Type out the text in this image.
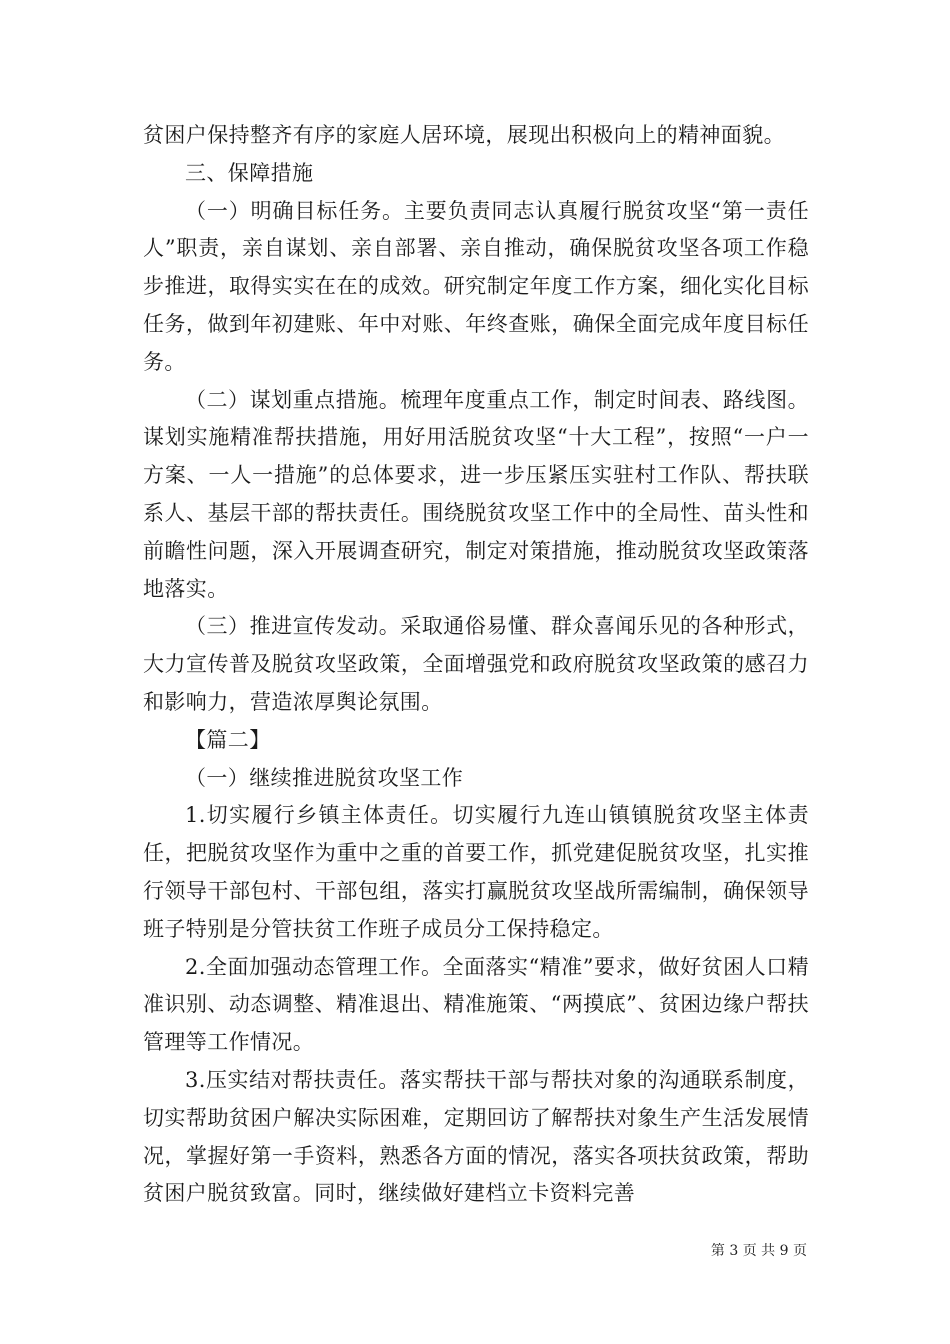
贫困户保持整齐有序的家庭人居环境，展现出积极向上的精神面貌。

三、保障措施

（一）明确目标任务。主要负责同志认真履行脱贫攻坚“第一责任人”职责，亲自谋划、亲自部署、亲自推动，确保脱贫攻坚各项工作稳步推进，取得实实在在的成效。研究制定年度工作方案，细化实化目标任务，做到年初建账、年中对账、年终查账，确保全面完成年度目标任务。

（二）谋划重点措施。梳理年度重点工作，制定时间表、路线图。谋划实施精准帮扶措施，用好用活脱贫攻坚“十大工程”，按照“一户一方案、一人一措施”的总体要求，进一步压紧压实驻村工作队、帮扶联系人、基层干部的帮扶责任。围绕脱贫攻坚工作中的全局性、苗头性和前瞻性问题，深入开展调查研究，制定对策措施，推动脱贫攻坚政策落地落实。

（三）推进宣传发动。采取通俗易懂、群众喜闻乐见的各种形式，大力宣传普及脱贫攻坚政策，全面增强党和政府脱贫攻坚政策的感召力和影响力，营造浓厚舆论氛围。

【篇二】

（一）继续推进脱贫攻坚工作

1.切实履行乡镇主体责任。切实履行九连山镇镇脱贫攻坚主体责任，把脱贫攻坚作为重中之重的首要工作，抓党建促脱贫攻坚，扎实推行领导干部包村、干部包组，落实打赢脱贫攻坚战所需编制，确保领导班子特别是分管扶贫工作班子成员分工保持稳定。

2.全面加强动态管理工作。全面落实“精准”要求，做好贫困人口精准识别、动态调整、精准退出、精准施策、“两摸底”、贫困边缘户帮扶管理等工作情况。

3.压实结对帮扶责任。落实帮扶干部与帮扶对象的沟通联系制度，切实帮助贫困户解决实际困难，定期回访了解帮扶对象生产生活发展情况，掌握好第一手资料，熟悉各方面的情况，落实各项扶贫政策，帮助贫困户脱贫致富。同时，继续做好建档立卡资料完善

第 3 页 共 9 页
